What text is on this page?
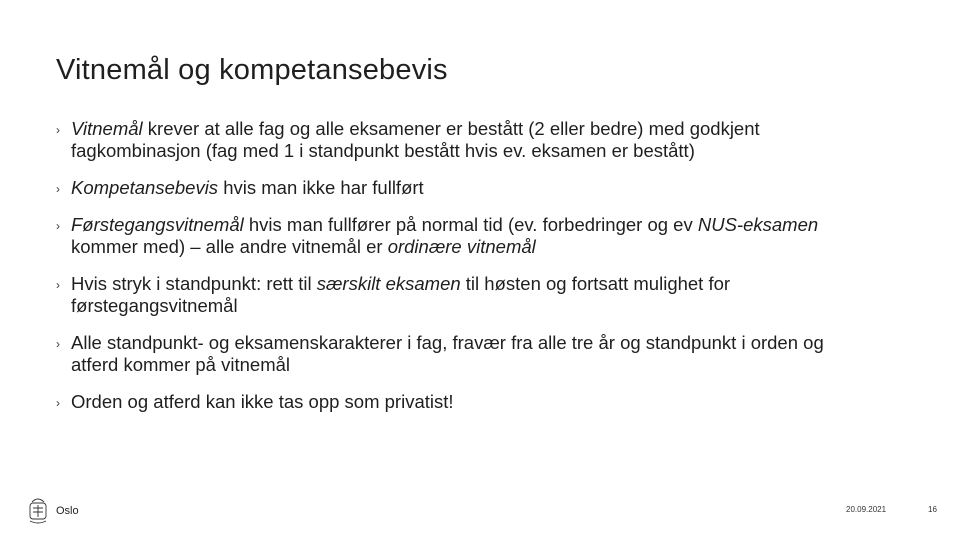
Vitnemål og kompetansebevis
› Vitnemål krever at alle fag og alle eksamener er bestått (2 eller bedre) med godkjent fagkombinasjon (fag med 1 i standpunkt bestått hvis ev. eksamen er bestått)
› Kompetansebevis hvis man ikke har fullført
› Førstegangsvitnemål hvis man fullfører på normal tid (ev. forbedringer og ev NUS-eksamen kommer med) – alle andre vitnemål er ordinære vitnemål
› Hvis stryk i standpunkt: rett til særskilt eksamen til høsten og fortsatt mulighet for førstegangsvitnemål
› Alle standpunkt- og eksamenskarakterer i fag, fravær fra alle tre år og standpunkt i orden og atferd kommer på vitnemål
› Orden og atferd kan ikke tas opp som privatist!
Oslo	20.09.2021	16
